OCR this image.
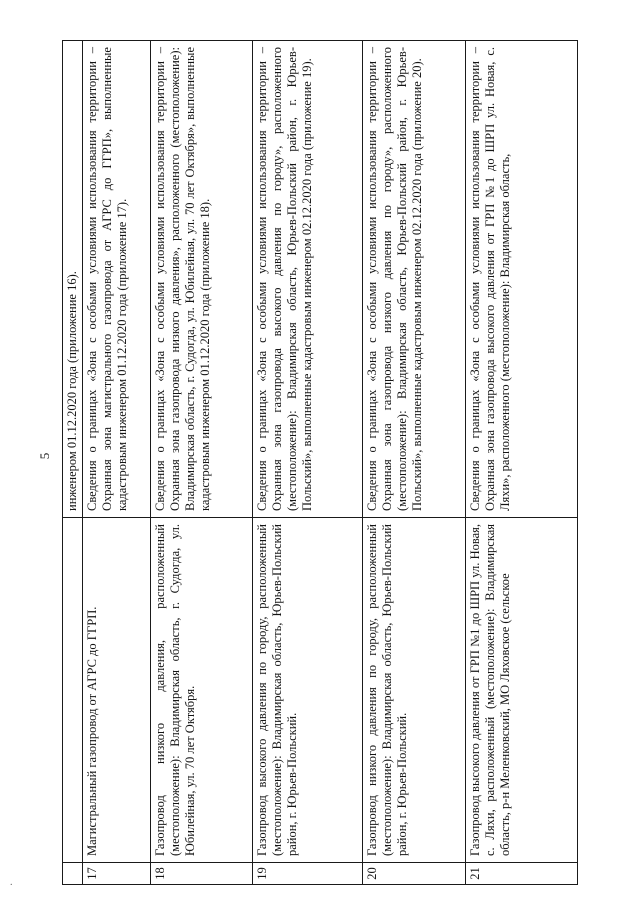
5
.
		инженером 01.12.2020 года (приложение 16).
17	Магистральный газопровод от АГРС до ГГРП.	Сведения о границах «Зона с особыми условиями использования территории – Охранная зона магистрального газопровода от АГРС до ГГРП», выполненные кадастровым инженером 01.12.2020 года (приложение 17).
18	Газопровод низкого давления, расположенный (местоположение): Владимирская область, г. Судогда, ул. Юбилейная, ул. 70 лет Октября.	Сведения о границах «Зона с особыми условиями использования территории – Охранная зона газопровода низкого давления», расположенного (местоположение): Владимирская область, г. Судогда, ул. Юбилейная, ул. 70 лет Октября», выполненные кадастровым инженером 01.12.2020 года (приложение 18).
19	Газопровод высокого давления по городу, расположенный (местоположение): Владимирская область, Юрьев-Польский район, г. Юрьев-Польский.	Сведения о границах «Зона с особыми условиями использования территории – Охранная зона газопровода высокого давления по городу», расположенного (местоположение): Владимирская область, Юрьев-Польский район, г. Юрьев-Польский», выполненные кадастровым инженером 02.12.2020 года (приложение 19).
20	Газопровод низкого давления по городу, расположенный (местоположение): Владимирская область, Юрьев-Польский район, г. Юрьев-Польский.	Сведения о границах «Зона с особыми условиями использования территории – Охранная зона газопровода низкого давления по городу», расположенного (местоположение): Владимирская область, Юрьев-Польский район, г. Юрьев-Польский», выполненные кадастровым инженером 02.12.2020 года (приложение 20).
21	Газопровод высокого давления от ГРП №1 до ШРП ул. Новая, с. Ляхи, расположенный (местоположение): Владимирская область, р-н Меленковский, МО Ляховское (сельское	Сведения о границах «Зона с особыми условиями использования территории – Охранная зона газопровода высокого давления от ГРП №1 до ШРП ул. Новая, с. Ляхи», расположенного (местоположение): Владимирская область,
